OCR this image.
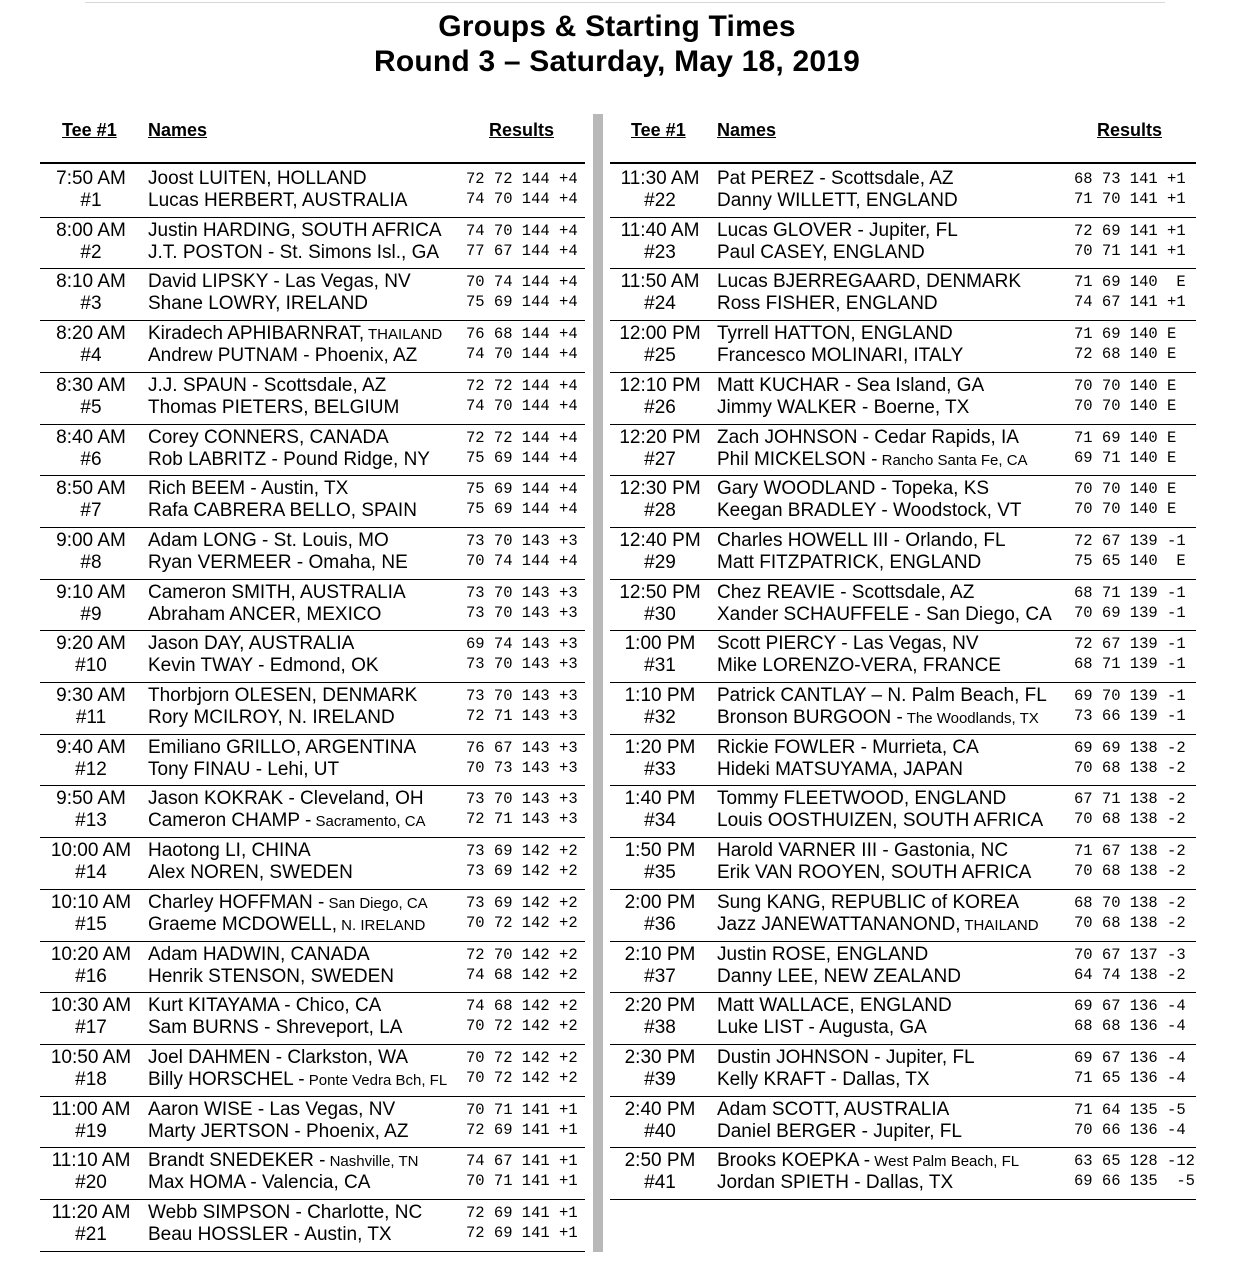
Groups & Starting Times
Round 3 – Saturday, May 18, 2019
Tee #1 Names	Results	Tee #1 Names	Results
7:50 AM
#1
Joost LUITEN, HOLLAND	72 72 144 +4
Lucas HERBERT, AUSTRALIA	74 70 144 +4
8:00 AM
#2
Justin HARDING, SOUTH AFRICA 74 70 144 +4
J.T. POSTON - St. Simons Isl., GA 77 67 144 +4
8:10 AM
#3
David LIPSKY - Las Vegas, NV	70 74 144 +4
Shane LOWRY, IRELAND	75 69 144 +4
8:20 AM
#4
Kiradech APHIBARNRAT, THAILAND 76 68 144 +4
Andrew PUTNAM - Phoenix, AZ	74 70 144 +4
8:30 AM
#5
J.J. SPAUN - Scottsdale, AZ	72 72 144 +4
Thomas PIETERS, BELGIUM	74 70 144 +4
8:40 AM
#6
Corey CONNERS, CANADA	72 72 144 +4
Rob LABRITZ - Pound Ridge, NY 75 69 144 +4
8:50 AM
#7
Rich BEEM - Austin, TX	75 69 144 +4
Rafa CABRERA BELLO, SPAIN	75 69 144 +4
9:00 AM
#8
Adam LONG - St. Louis, MO	73 70 143 +3
Ryan VERMEER - Omaha, NE	70 74 144 +4
9:10 AM
#9
Cameron SMITH, AUSTRALIA	73 70 143 +3
Abraham ANCER, MEXICO	73 70 143 +3
9:20 AM
#10
Jason DAY, AUSTRALIA	69 74 143 +3
Kevin TWAY - Edmond, OK	73 70 143 +3
9:30 AM
#11
Thorbjorn OLESEN, DENMARK	73 70 143 +3
Rory MCILROY, N. IRELAND	72 71 143 +3
9:40 AM
#12
Emiliano GRILLO, ARGENTINA	76 67 143 +3
Tony FINAU - Lehi, UT	70 73 143 +3
9:50 AM
#13
Jason KOKRAK - Cleveland, OH	73 70 143 +3
Cameron CHAMP - Sacramento, CA	72 71 143 +3
10:00 AM
#14
Haotong LI, CHINA	73 69 142 +2
Alex NOREN, SWEDEN	73 69 142 +2
10:10 AM
#15
Charley HOFFMAN - San Diego, CA 73 69 142 +2
Graeme MCDOWELL, N. IRELAND	70 72 142 +2
10:20 AM
#16
Adam HADWIN, CANADA	72 70 142 +2
Henrik STENSON, SWEDEN	74 68 142 +2
10:30 AM
#17
Kurt KITAYAMA - Chico, CA	74 68 142 +2
Sam BURNS - Shreveport, LA	70 72 142 +2
10:50 AM
#18
Joel DAHMEN - Clarkston, WA	70 72 142 +2
Billy HORSCHEL - Ponte Vedra Bch, FL 70 72 142 +2
11:00 AM
#19
Aaron WISE - Las Vegas, NV	70 71 141 +1
Marty JERTSON - Phoenix, AZ	72 69 141 +1
11:10 AM
#20
Brandt SNEDEKER - Nashville, TN	74 67 141 +1
Max HOMA - Valencia, CA	70 71 141 +1
11:20 AM
#21
Webb SIMPSON - Charlotte, NC	72 69 141 +1
Beau HOSSLER - Austin, TX	72 69 141 +1
11:30 AM
#22
Pat PEREZ - Scottsdale, AZ	68 73 141 +1
Danny WILLETT, ENGLAND	71 70 141 +1
11:40 AM
#23
Lucas GLOVER - Jupiter, FL	72 69 141 +1
Paul CASEY, ENGLAND	70 71 141 +1
11:50 AM
#24
Lucas BJERREGAARD, DENMARK	71 69 140  E
Ross FISHER, ENGLAND	74 67 141 +1
12:00 PM
#25
Tyrrell HATTON, ENGLAND	71 69 140 E
Francesco MOLINARI, ITALY	72 68 140 E
12:10 PM
#26
Matt KUCHAR - Sea Island, GA	70 70 140 E
Jimmy WALKER - Boerne, TX	70 70 140 E
12:20 PM
#27
Zach JOHNSON - Cedar Rapids, IA	71 69 140 E
Phil MICKELSON - Rancho Santa Fe, CA	69 71 140 E
12:30 PM
#28
Gary WOODLAND - Topeka, KS	70 70 140 E
Keegan BRADLEY - Woodstock, VT	70 70 140 E
12:40 PM
#29
Charles HOWELL III - Orlando, FL	72 67 139 -1
Matt FITZPATRICK, ENGLAND	75 65 140  E
12:50 PM
#30
Chez REAVIE - Scottsdale, AZ	68 71 139 -1
Xander SCHAUFFELE - San Diego, CA 70 69 139 -1
1:00 PM
#31
Scott PIERCY - Las Vegas, NV	72 67 139 -1
Mike LORENZO-VERA, FRANCE	68 71 139 -1
1:10 PM
#32
Patrick CANTLAY – N. Palm Beach, FL 69 70 139 -1
Bronson BURGOON - The Woodlands, TX 73 66 139 -1
1:20 PM
#33
Rickie FOWLER - Murrieta, CA	69 69 138 -2
Hideki MATSUYAMA, JAPAN	70 68 138 -2
1:40 PM
#34
Tommy FLEETWOOD, ENGLAND	67 71 138 -2
Louis OOSTHUIZEN, SOUTH AFRICA 70 68 138 -2
1:50 PM
#35
Harold VARNER III - Gastonia, NC	71 67 138 -2
Erik VAN ROOYEN, SOUTH AFRICA	70 68 138 -2
2:00 PM
#36
Sung KANG, REPUBLIC of KOREA	68 70 138 -2
Jazz JANEWATTANANOND, THAILAND 70 68 138 -2
2:10 PM
#37
Justin ROSE, ENGLAND	70 67 137 -3
Danny LEE, NEW ZEALAND	64 74 138 -2
2:20 PM
#38
Matt WALLACE, ENGLAND	69 67 136 -4
Luke LIST - Augusta, GA	68 68 136 -4
2:30 PM
#39
Dustin JOHNSON - Jupiter, FL	69 67 136 -4
Kelly KRAFT - Dallas, TX	71 65 136 -4
2:40 PM
#40
Adam SCOTT, AUSTRALIA	71 64 135 -5
Daniel BERGER - Jupiter, FL	70 66 136 -4
2:50 PM
#41
Brooks KOEPKA - West Palm Beach, FL	63 65 128 -12
Jordan SPIETH - Dallas, TX	69 66 135  -5
